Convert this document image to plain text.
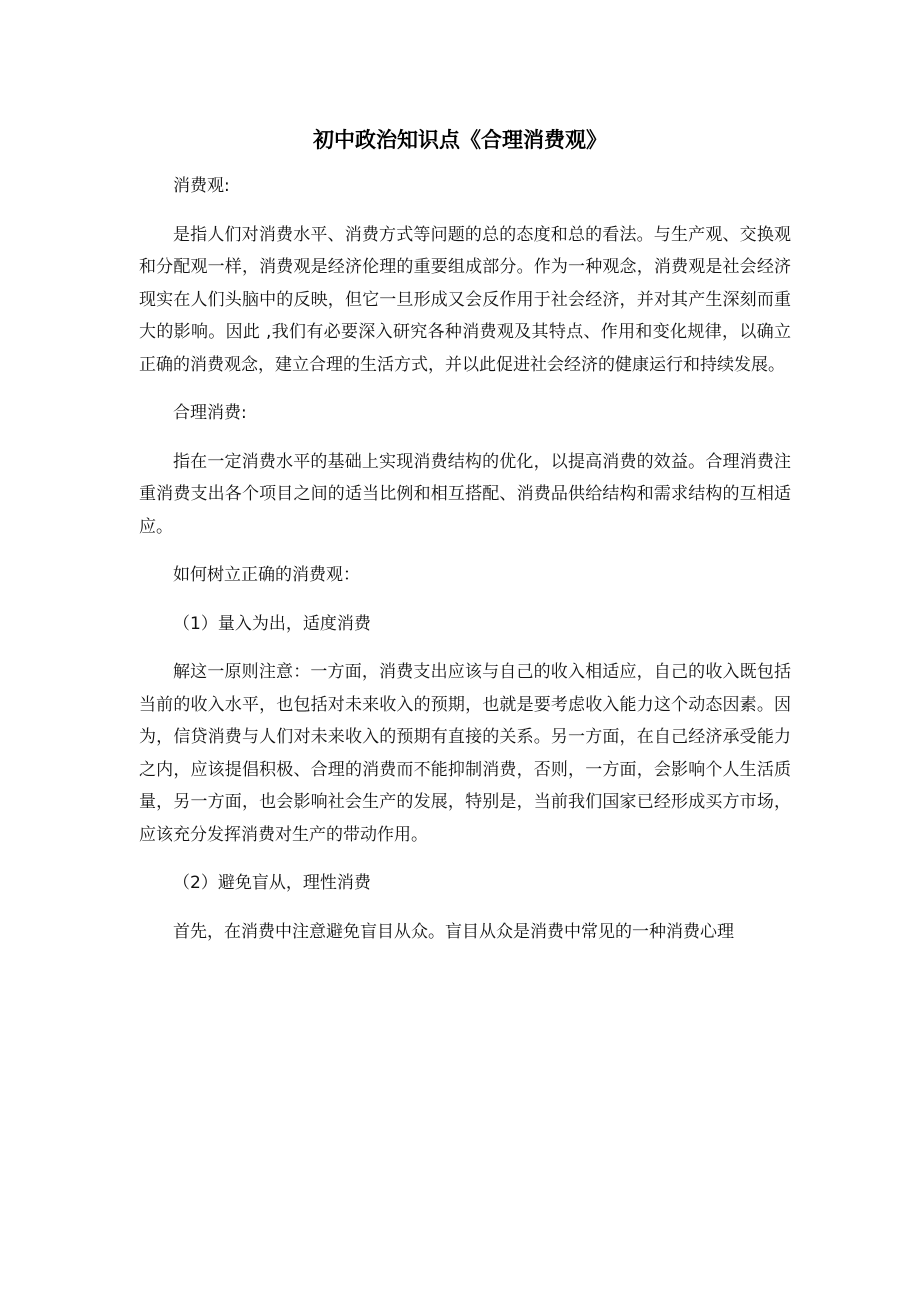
初中政治知识点《合理消费观》

消费观:

是指人们对消费水平、消费方式等问题的总的态度和总的看法。与生产观、交换观和分配观一样，消费观是经济伦理的重要组成部分。作为一种观念，消费观是社会经济现实在人们头脑中的反映，但它一旦形成又会反作用于社会经济，并对其产生深刻而重大的影响。因此 ,我们有必要深入研究各种消费观及其特点、作用和变化规律，以确立正确的消费观念，建立合理的生活方式，并以此促进社会经济的健康运行和持续发展。

合理消费:

指在一定消费水平的基础上实现消费结构的优化，以提高消费的效益。合理消费注重消费支出各个项目之间的适当比例和相互搭配、消费品供给结构和需求结构的互相适应。

如何树立正确的消费观：

（1）量入为出，适度消费

解这一原则注意：一方面，消费支出应该与自己的收入相适应，自己的收入既包括当前的收入水平，也包括对未来收入的预期，也就是要考虑收入能力这个动态因素。因为，信贷消费与人们对未来收入的预期有直接的关系。另一方面，在自己经济承受能力之内，应该提倡积极、合理的消费而不能抑制消费，否则，一方面，会影响个人生活质量，另一方面，也会影响社会生产的发展，特别是，当前我们国家已经形成买方市场，应该充分发挥消费对生产的带动作用。

（2）避免盲从，理性消费

首先，在消费中注意避免盲目从众。盲目从众是消费中常见的一种消费心理
